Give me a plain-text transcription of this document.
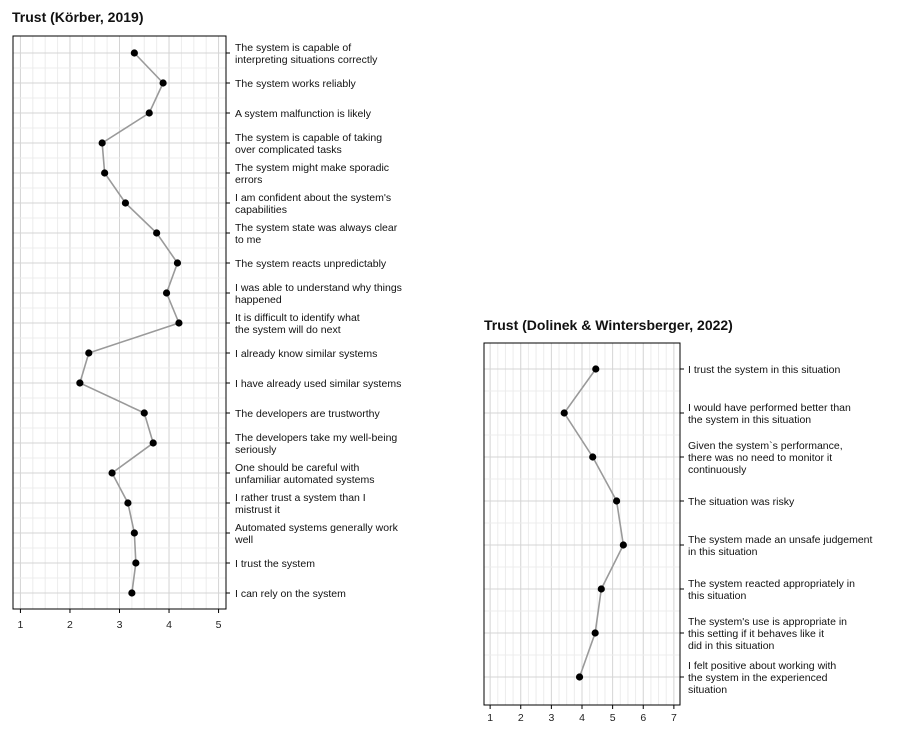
Trust (Körber, 2019)
Trust (Dolinek & Wintersberger, 2022)
1	2	3	4	5
The system is capable of interpreting situations correctly
The system works reliably
A system malfunction is likely
The system is capable of taking over complicated tasks
The system might make sporadic errors
I am confident about the system's capabilities
The system state was always clear to me
The system reacts unpredictably
I was able to understand why things happened
It is difficult to identify what the system will do next
I already know similar systems
I have already used similar systems
The developers are trustworthy
The developers take my well-being seriously
One should be careful with unfamiliar automated systems
I rather trust a system than I mistrust it
Automated systems generally work well
I trust the system
I can rely on the system
1 2 3 4 5 6 7
I trust the system in this situation
I would have performed better than the system in this situation
Given the system`s performance, there was no need to monitor it continuously
The situation was risky
The system made an unsafe judgement in this situation
The system reacted appropriately in this situation
The system's use is appropriate in this setting if it behaves like it did in this situation
I felt positive about working with the system in the experienced situation
